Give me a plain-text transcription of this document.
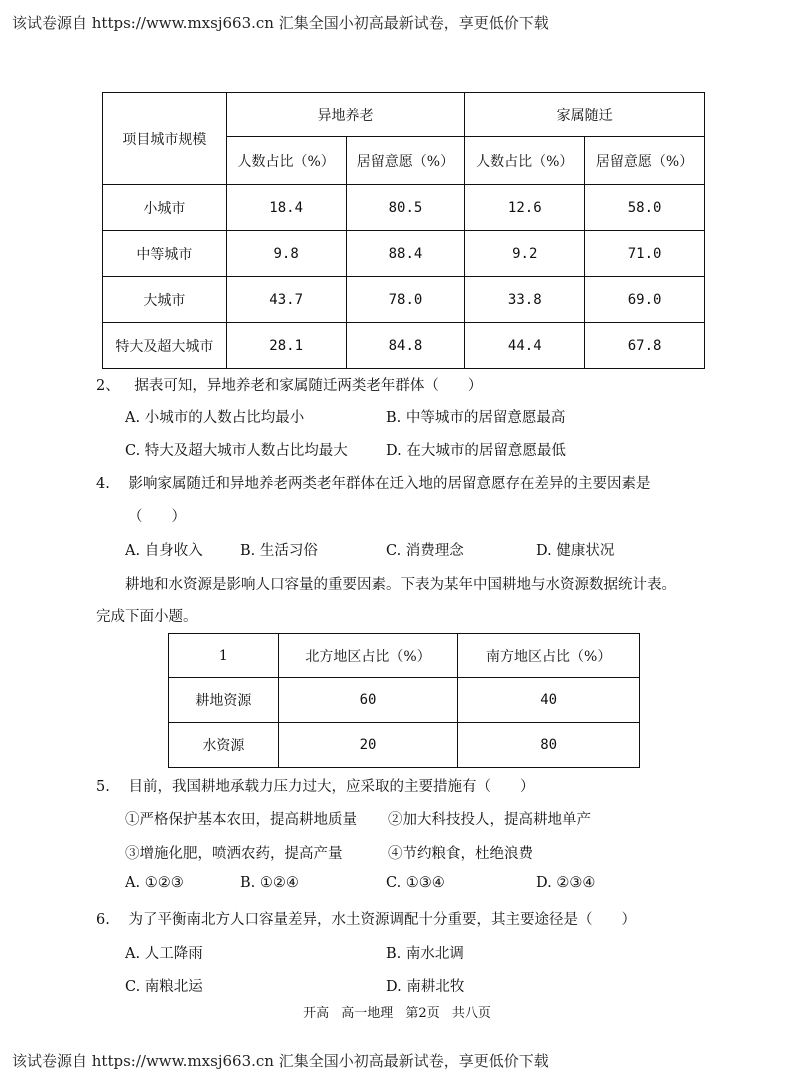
该试卷源自 https://www.mxsj663.cn 汇集全国小初高最新试卷，享更低价下载
项目城市规模	异地养老		家属随迁	
	人数占比（%）	居留意愿（%）	人数占比（%）	居留意愿（%）
小城市	18.4	80.5	12.6	58.0
中等城市	9.8	88.4	9.2	71.0
大城市	43.7	78.0	33.8	69.0
特大及超大城市	28.1	84.8	44.4	67.8
2、 据表可知，异地养老和家属随迁两类老年群体（　　）
A. 小城市的人数占比均最小	B. 中等城市的居留意愿最高
C. 特大及超大城市人数占比均最大	D. 在大城市的居留意愿最低
4. 影响家属随迁和异地养老两类老年群体在迁入地的居留意愿存在差异的主要因素是
（　　）
A. 自身收入	B. 生活习俗	C. 消费理念	D. 健康状况
耕地和水资源是影响人口容量的重要因素。下表为某年中国耕地与水资源数据统计表。
完成下面小题。
1	北方地区占比（%）	南方地区占比（%）
耕地资源	60	40
水资源	20	80
5. 目前，我国耕地承载力压力过大，应采取的主要措施有（　　）
①严格保护基本农田，提高耕地质量 ②加大科技投人，提高耕地单产
③增施化肥，喷洒农药，提高产量	④节约粮食，杜绝浪费
A. ①②③	B. ①②④	C. ①③④	D. ②③④
6. 为了平衡南北方人口容量差异，水土资源调配十分重要，其主要途径是（　　）
A. 人工降雨	B. 南水北调
C. 南粮北运	D. 南耕北牧
开高 高一地理 第2页 共八页
该试卷源自 https://www.mxsj663.cn 汇集全国小初高最新试卷，享更低价下载
